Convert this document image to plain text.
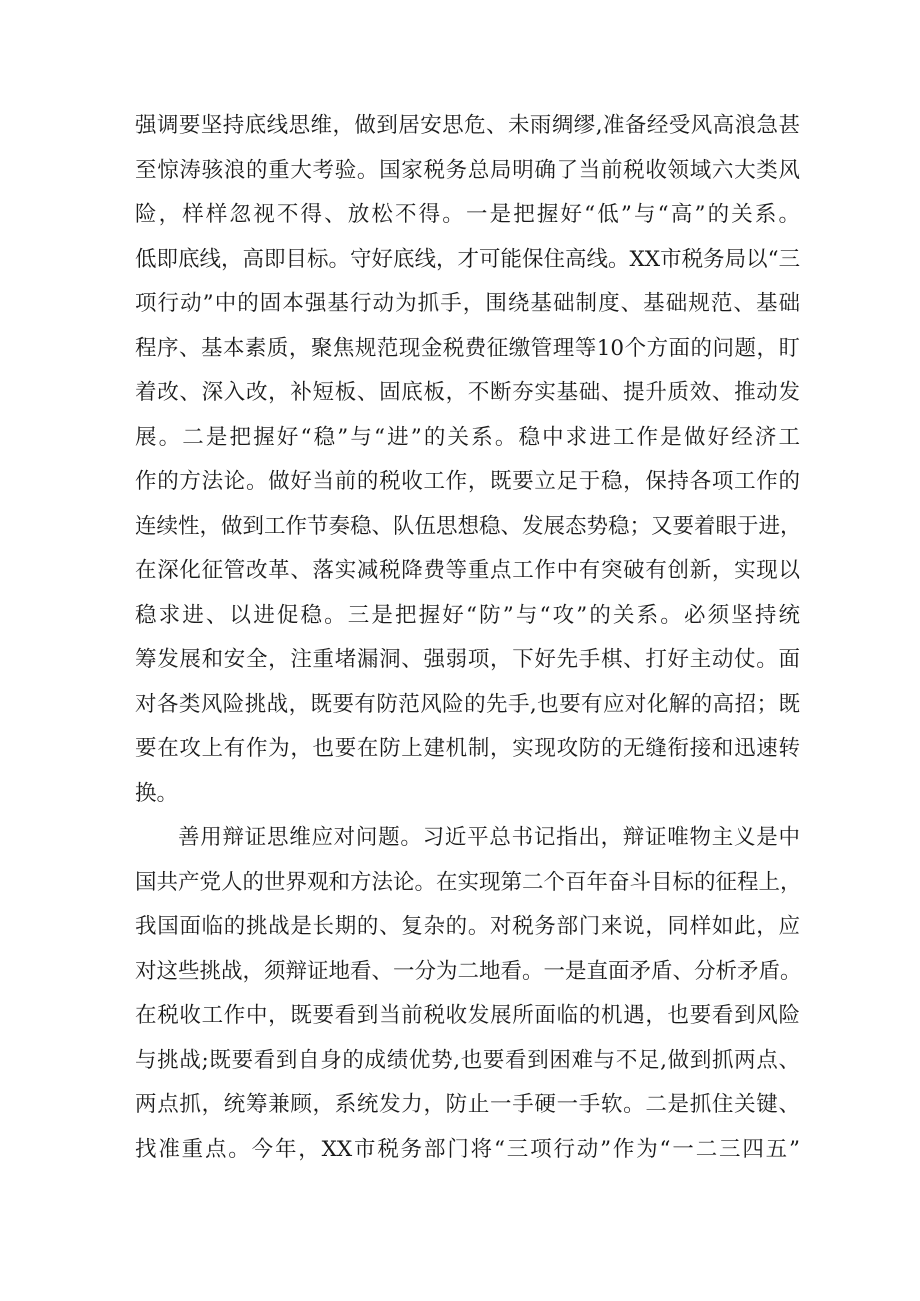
强调要坚持底线思维，做到居安思危、未雨绸缪,准备经受风高浪急甚
至惊涛骇浪的重大考验。国家税务总局明确了当前税收领域六大类风
险，样样忽视不得、放松不得。一是把握好“低”与“高”的关系。
低即底线，高即目标。守好底线，才可能保住高线。XX市税务局以“三
项行动”中的固本强基行动为抓手，围绕基础制度、基础规范、基础
程序、基本素质，聚焦规范现金税费征缴管理等10个方面的问题，盯
着改、深入改，补短板、固底板，不断夯实基础、提升质效、推动发
展。二是把握好“稳”与“进”的关系。稳中求进工作是做好经济工
作的方法论。做好当前的税收工作，既要立足于稳，保持各项工作的
连续性，做到工作节奏稳、队伍思想稳、发展态势稳；又要着眼于进，
在深化征管改革、落实减税降费等重点工作中有突破有创新，实现以
稳求进、以进促稳。三是把握好“防”与“攻”的关系。必须坚持统
筹发展和安全，注重堵漏洞、强弱项，下好先手棋、打好主动仗。面
对各类风险挑战，既要有防范风险的先手,也要有应对化解的高招；既
要在攻上有作为，也要在防上建机制，实现攻防的无缝衔接和迅速转
换。
善用辩证思维应对问题。习近平总书记指出，辩证唯物主义是中
国共产党人的世界观和方法论。在实现第二个百年奋斗目标的征程上，
我国面临的挑战是长期的、复杂的。对税务部门来说，同样如此，应
对这些挑战，须辩证地看、一分为二地看。一是直面矛盾、分析矛盾。
在税收工作中，既要看到当前税收发展所面临的机遇，也要看到风险
与挑战;既要看到自身的成绩优势,也要看到困难与不足,做到抓两点、
两点抓，统筹兼顾，系统发力，防止一手硬一手软。二是抓住关键、
找准重点。今年，XX市税务部门将“三项行动”作为“一二三四五”
